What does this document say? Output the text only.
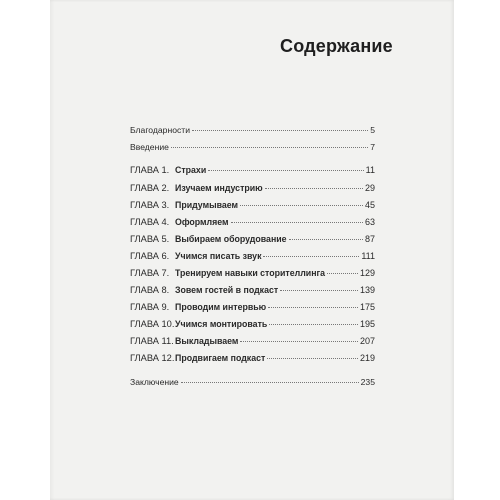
Содержание
Благодарности	5
Введение	7
ГЛАВА 1. Страхи	11
ГЛАВА 2. Изучаем индустрию	29
ГЛАВА 3. Придумываем	45
ГЛАВА 4. Оформляем	63
ГЛАВА 5. Выбираем оборудование	87
ГЛАВА 6. Учимся писать звук	111
ГЛАВА 7. Тренируем навыки сторителлинга	129
ГЛАВА 8. Зовем гостей в подкаст	139
ГЛАВА 9. Проводим интервью	175
ГЛАВА 10. Учимся монтировать	195
ГЛАВА 11. Выкладываем	207
ГЛАВА 12. Продвигаем подкаст	219
Заключение	235
